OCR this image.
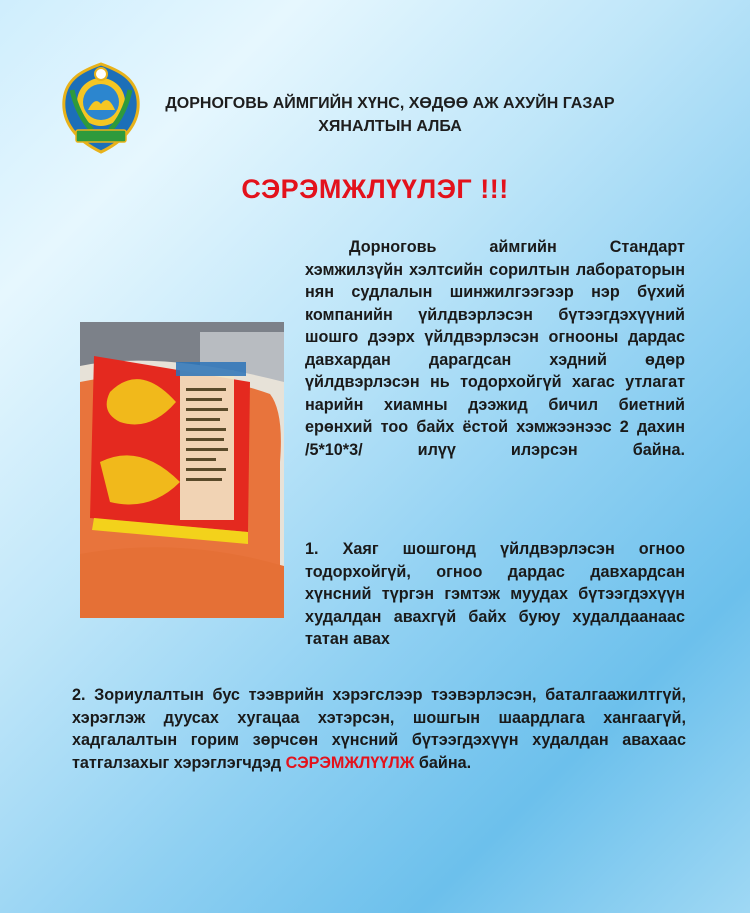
ДОРНОГОВЬ АЙМГИЙН ХҮНС, ХӨДӨӨ АЖ АХУЙН ГАЗАР
ХЯНАЛТЫН АЛБА
СЭРЭМЖЛҮҮЛЭГ !!!

Дорноговь аймгийн Стандарт хэмжилзүйн хэлтсийн сорилтын лабораторын нян судлалын шинжилгээгээр нэр бүхий компанийн үйлдвэрлэсэн бүтээгдэхүүний шошго дээрх үйлдвэрлэсэн огнооны дардас давхардан дарагдсан хэдний өдөр үйлдвэрлэсэн нь тодорхойгүй хагас утлагат нарийн хиамны дээжид бичил биетний ерөнхий тоо байх ёстой хэмжээнээс 2 дахин /5*10*3/ илүү илэрсэн байна.

1. Хаяг шошгонд үйлдвэрлэсэн огноо тодорхойгүй, огноо дардас давхардсан хүнсний түргэн гэмтэж муудах бүтээгдэхүүн худалдан авахгүй байх буюу худалдаанаас татан авах

2. Зориулалтын бус тээврийн хэрэгслээр тээвэрлэсэн, баталгаажилтгүй, хэрэглэж дуусах хугацаа хэтэрсэн, шошгын шаардлага хангаагүй, хадгалалтын горим зөрчсөн хүнсний бүтээгдэхүүн худалдан авахаас татгалзахыг хэрэглэгчдэд СЭРЭМЖЛҮҮЛЖ байна.
